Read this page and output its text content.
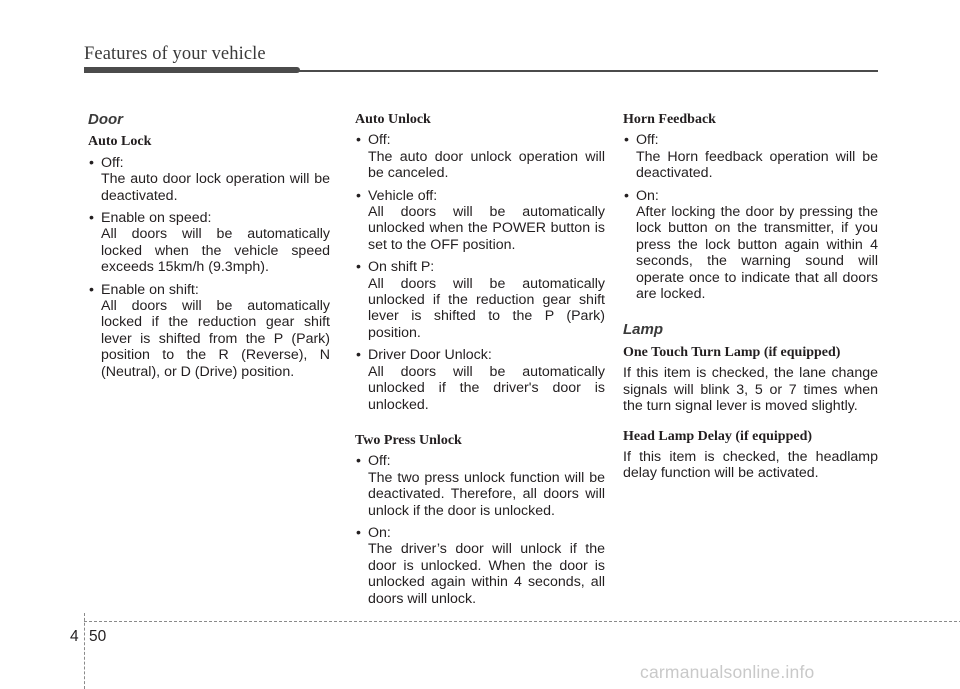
Features of your vehicle
Door
Auto Lock
• Off:
The auto door lock operation will be deactivated.
• Enable on speed:
All doors will be automatically locked when the vehicle speed exceeds 15km/h (9.3mph).
• Enable on shift:
All doors will be automatically locked if the reduction gear shift lever is shifted from the P (Park) position to the R (Reverse), N (Neutral), or D (Drive) position.
Auto Unlock
• Off:
The auto door unlock operation will be canceled.
• Vehicle off:
All doors will be automatically unlocked when the POWER button is set to the OFF position.
• On shift P:
All doors will be automatically unlocked if the reduction gear shift lever is shifted to the P (Park) position.
• Driver Door Unlock:
All doors will be automatically unlocked if the driver's door is unlocked.
Two Press Unlock
• Off:
The two press unlock function will be deactivated. Therefore, all doors will unlock if the door is unlocked.
• On:
The driver’s door will unlock if the door is unlocked. When the door is unlocked again within 4 seconds, all doors will unlock.
Horn Feedback
• Off:
The Horn feedback operation will be deactivated.
• On:
After locking the door by pressing the lock button on the transmitter, if you press the lock button again within 4 seconds, the warning sound will operate once to indicate that all doors are locked.
Lamp
One Touch Turn Lamp (if equipped)
If this item is checked, the lane change signals will blink 3, 5 or 7 times when the turn signal lever is moved slightly.
Head Lamp Delay (if equipped)
If this item is checked, the headlamp delay function will be activated.
4 50
carmanualsonline.info
